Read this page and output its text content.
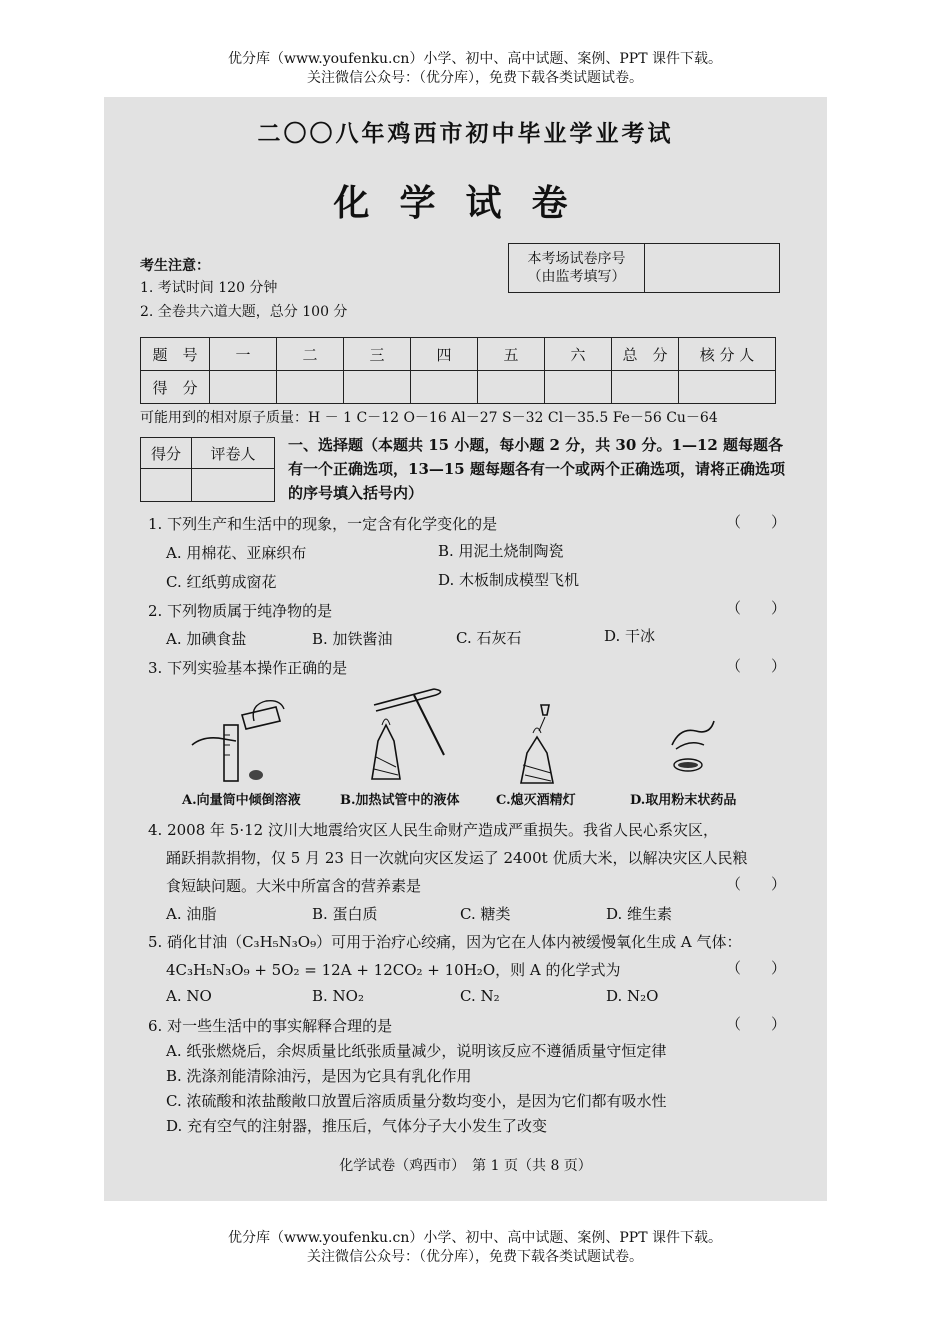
优分库（www.youfenku.cn）小学、初中、高中试题、案例、PPT 课件下载。
关注微信公众号：（优分库），免费下载各类试题试卷。
二〇〇八年鸡西市初中毕业学业考试
化学试卷
考生注意：
1. 考试时间 120 分钟
2. 全卷共六道大题，总分 100 分
本考场试卷序号
（由监考填写）
题　号	一	二	三	四	五	六	总　分	核 分 人
得　分								
可能用到的相对原子质量：H － 1 C－12 O－16 Al－27 S－32 Cl－35.5 Fe－56 Cu－64
得分	评卷人
	一、选择题（本题共 15 小题，每小题 2 分，共 30 分。1—12 题每题各有一个正确选项，13—15 题每题各有一个或两个正确选项，请将正确选项的序号填入括号内）
1. 下列生产和生活中的现象，一定含有化学变化的是	（　　）
A. 用棉花、亚麻织布	B. 用泥土烧制陶瓷
C. 红纸剪成窗花	D. 木板制成模型飞机
2. 下列物质属于纯净物的是	（　　）
A. 加碘食盐	B. 加铁酱油	C. 石灰石	D. 干冰
3. 下列实验基本操作正确的是	（　　）
A.向量筒中倾倒溶液	B.加热试管中的液体	C.熄灭酒精灯	D.取用粉末状药品
4. 2008 年 5·12 汶川大地震给灾区人民生命财产造成严重损失。我省人民心系灾区，
踊跃捐款捐物，仅 5 月 23 日一次就向灾区发运了 2400t 优质大米，以解决灾区人民粮
食短缺问题。大米中所富含的营养素是	（　　）
A. 油脂	B. 蛋白质	C. 糖类	D. 维生素
5. 硝化甘油（C₃H₅N₃O₉）可用于治疗心绞痛，因为它在人体内被缓慢氧化生成 A 气体：
4C₃H₅N₃O₉ + 5O₂ = 12A + 12CO₂ + 10H₂O，则 A 的化学式为	（　　）
A. NO	B. NO₂	C. N₂	D. N₂O
6. 对一些生活中的事实解释合理的是	（　　）
A. 纸张燃烧后，余烬质量比纸张质量减少，说明该反应不遵循质量守恒定律
B. 洗涤剂能清除油污，是因为它具有乳化作用
C. 浓硫酸和浓盐酸敞口放置后溶质质量分数均变小，是因为它们都有吸水性
D. 充有空气的注射器，推压后，气体分子大小发生了改变
化学试卷（鸡西市）　第 1 页（共 8 页）
优分库（www.youfenku.cn）小学、初中、高中试题、案例、PPT 课件下载。
关注微信公众号：（优分库），免费下载各类试题试卷。
